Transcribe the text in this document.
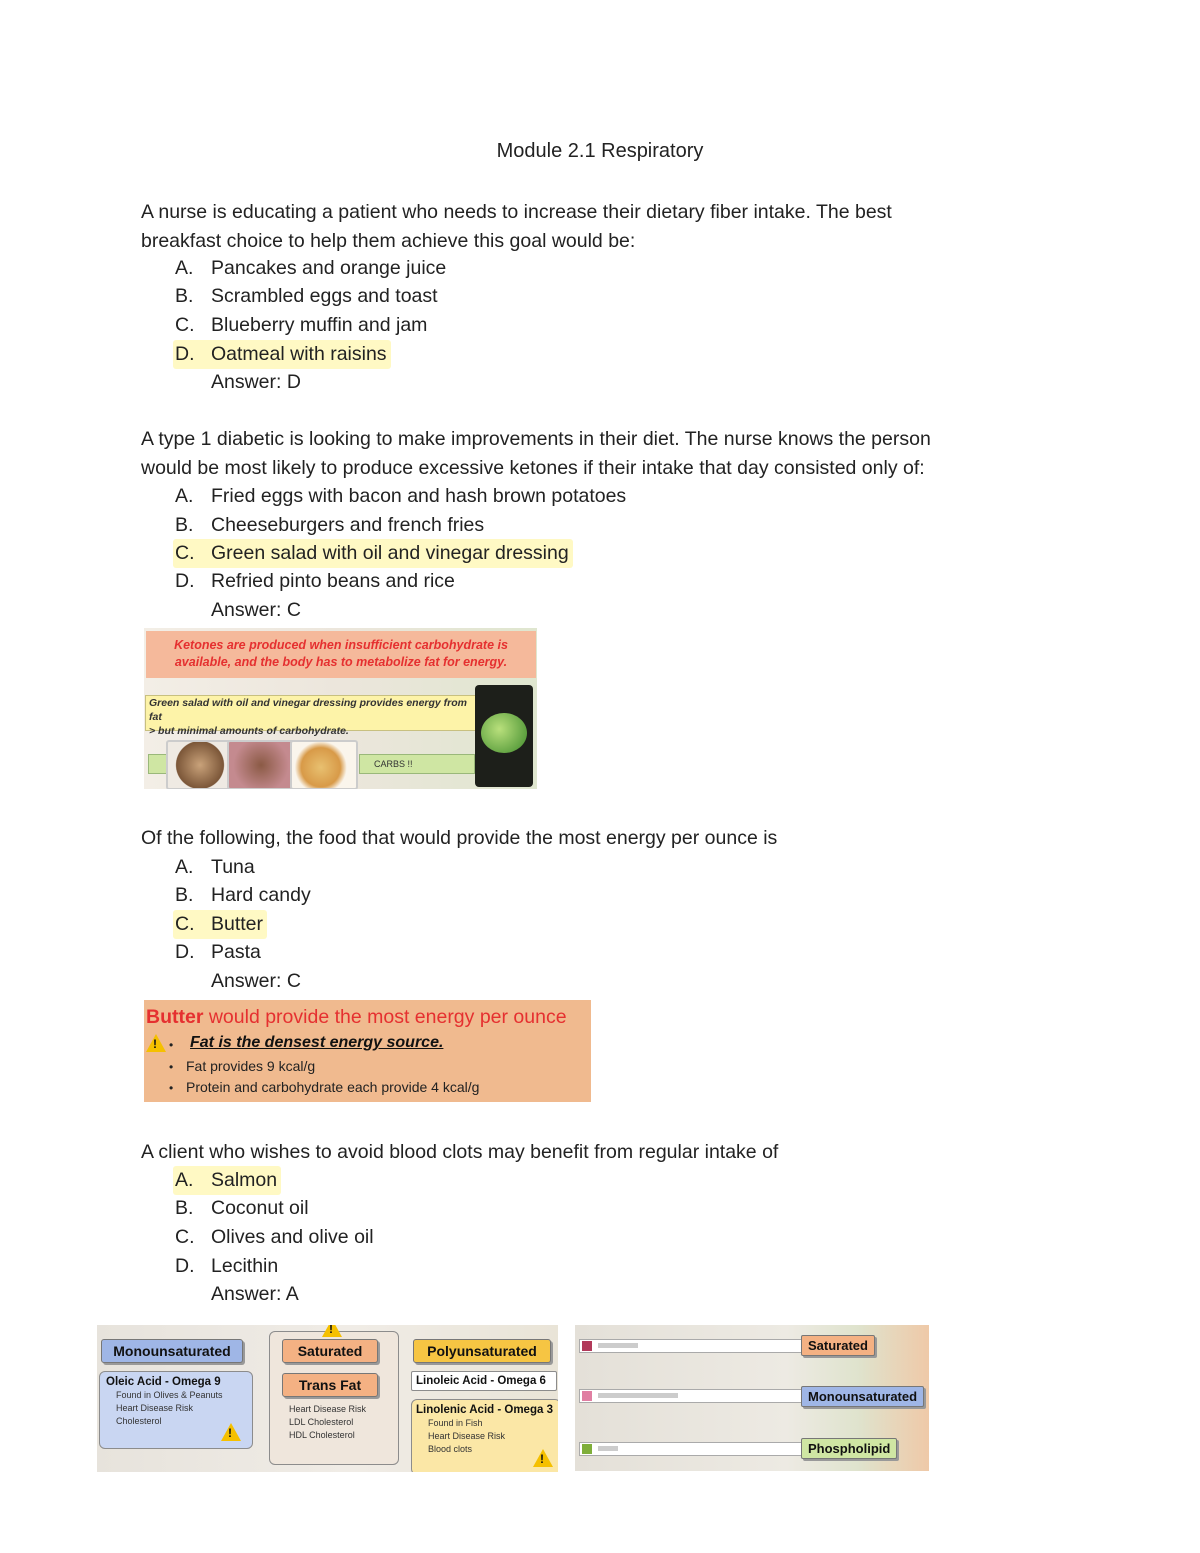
Module 2.1 Respiratory
A nurse is educating a patient who needs to increase their dietary fiber intake. The best
breakfast choice to help them achieve this goal would be:
A. Pancakes and orange juice
B. Scrambled eggs and toast
C. Blueberry muffin and jam
D. Oatmeal with raisins
Answer: D
A type 1 diabetic is looking to make improvements in their diet. The nurse knows the person
would be most likely to produce excessive ketones if their intake that day consisted only of:
A. Fried eggs with bacon and hash brown potatoes
B. Cheeseburgers and french fries
C. Green salad with oil and vinegar dressing
D. Refried pinto beans and rice
Answer: C
Ketones are produced when insufficient carbohydrate is
available, and the body has to metabolize fat for energy.
Green salad with oil and vinegar dressing provides energy from fat
> but minimal amounts of carbohydrate.
CARBS !!
Of the following, the food that would provide the most energy per ounce is
A. Tuna
B. Hard candy
C. Butter
D. Pasta
Answer: C
Butter would provide the most energy per ounce
!
• Fat is the densest energy source.
• Fat provides 9 kcal/g
• Protein and carbohydrate each provide 4 kcal/g
A client who wishes to avoid blood clots may benefit from regular intake of
A. Salmon
B. Coconut oil
C. Olives and olive oil
D. Lecithin
Answer: A
Monounsaturated
Oleic Acid - Omega 9
Found in Olives & Peanuts
Heart Disease Risk
Cholesterol
!
Saturated
Trans Fat
Heart Disease Risk
LDL Cholesterol
HDL Cholesterol
!
Polyunsaturated
Linoleic Acid - Omega 6
Linolenic Acid - Omega 3
Found in Fish
Heart Disease Risk
Blood clots
!
Saturated
Monounsaturated
Phospholipid
